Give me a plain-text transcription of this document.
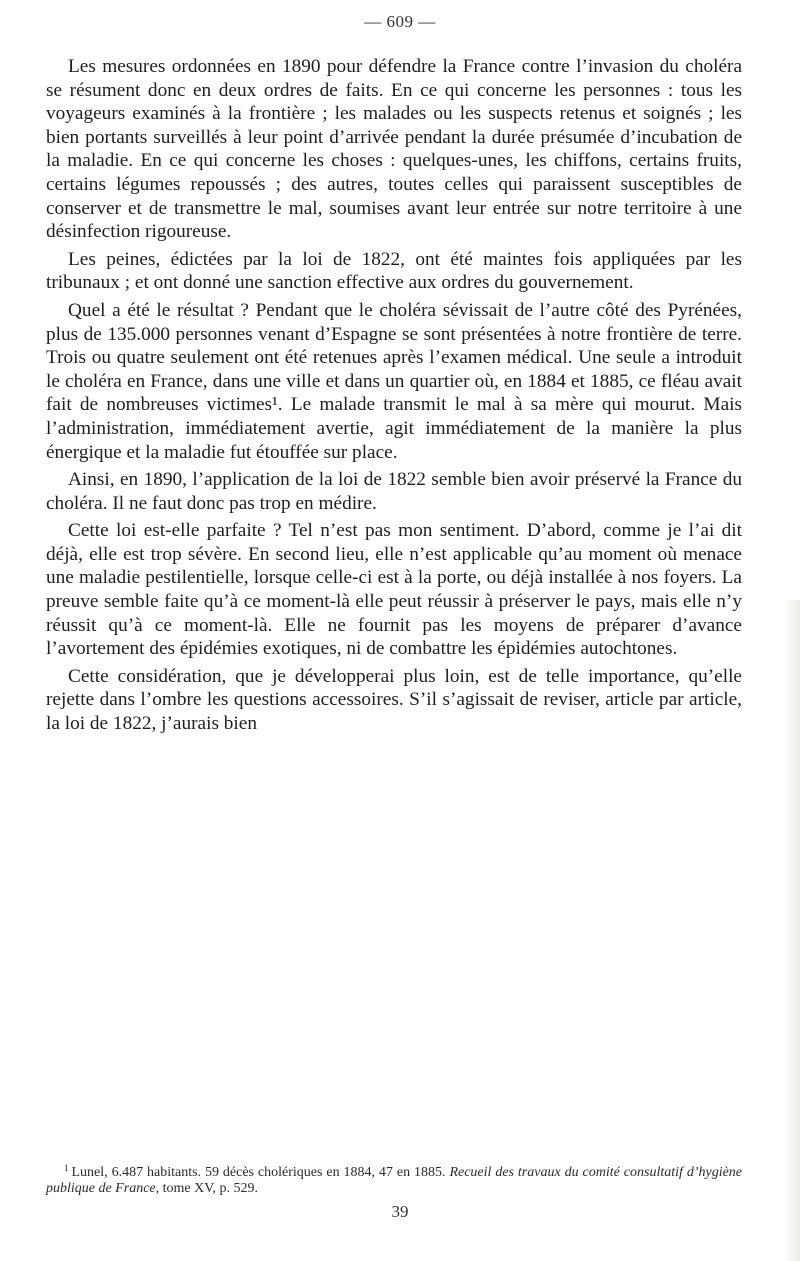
— 609 —

Les mesures ordonnées en 1890 pour défendre la France contre l’invasion du choléra se résument donc en deux ordres de faits. En ce qui concerne les personnes : tous les voyageurs examinés à la frontière ; les malades ou les suspects retenus et soignés ; les bien portants surveillés à leur point d’arrivée pendant la durée présumée d’incubation de la maladie. En ce qui concerne les choses : quelques-unes, les chiffons, certains fruits, certains légumes repoussés ; des autres, toutes celles qui paraissent susceptibles de conserver et de transmettre le mal, soumises avant leur entrée sur notre territoire à une désinfection rigoureuse.

Les peines, édictées par la loi de 1822, ont été maintes fois appliquées par les tribunaux ; et ont donné une sanction effective aux ordres du gouvernement.

Quel a été le résultat ? Pendant que le choléra sévissait de l’autre côté des Pyrénées, plus de 135.000 personnes venant d’Espagne se sont présentées à notre frontière de terre. Trois ou quatre seulement ont été retenues après l’examen médical. Une seule a introduit le choléra en France, dans une ville et dans un quartier où, en 1884 et 1885, ce fléau avait fait de nombreuses victimes¹. Le malade transmit le mal à sa mère qui mourut. Mais l’administration, immédiatement avertie, agit immédiatement de la manière la plus énergique et la maladie fut étouffée sur place.

Ainsi, en 1890, l’application de la loi de 1822 semble bien avoir préservé la France du choléra. Il ne faut donc pas trop en médire.

Cette loi est-elle parfaite ? Tel n’est pas mon sentiment. D’abord, comme je l’ai dit déjà, elle est trop sévère. En second lieu, elle n’est applicable qu’au moment où menace une maladie pestilentielle, lorsque celle-ci est à la porte, ou déjà installée à nos foyers. La preuve semble faite qu’à ce moment-là elle peut réussir à préserver le pays, mais elle n’y réussit qu’à ce moment-là. Elle ne fournit pas les moyens de préparer d’avance l’avortement des épidémies exotiques, ni de combattre les épidémies autochtones.

Cette considération, que je développerai plus loin, est de telle importance, qu’elle rejette dans l’ombre les questions accessoires. S’il s’agissait de reviser, article par article, la loi de 1822, j’aurais bien

$^1$ Lunel, 6.487 habitants. 59 décès cholériques en 1884, 47 en 1885. Recueil des travaux du comité consultatif d’hygiène publique de France, tome XV, p. 529.
39
